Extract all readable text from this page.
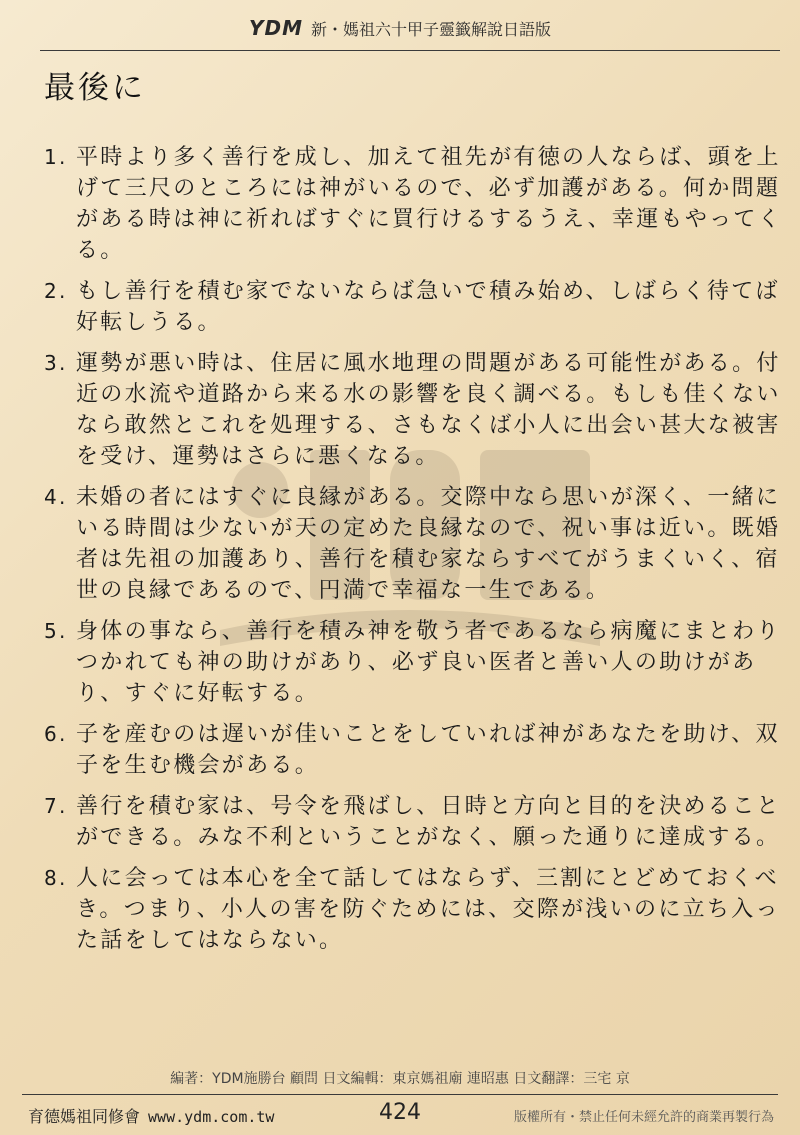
YDM 新・媽祖六十甲子靈籤解說日語版
最後に
1. 平時より多く善行を成し、加えて祖先が有徳の人ならば、頭を上げて三尺のところには神がいるので、必ず加護がある。何か問題がある時は神に祈ればすぐに買行けるするうえ、幸運もやってくる。
2. もし善行を積む家でないならば急いで積み始め、しばらく待てば好転しうる。
3. 運勢が悪い時は、住居に風水地理の問題がある可能性がある。付近の水流や道路から来る水の影響を良く調べる。もしも佳くないなら敢然とこれを処理する、さもなくば小人に出会い甚大な被害を受け、運勢はさらに悪くなる。
4. 未婚の者にはすぐに良縁がある。交際中なら思いが深く、一緒にいる時間は少ないが天の定めた良縁なので、祝い事は近い。既婚者は先祖の加護あり、善行を積む家ならすべてがうまくいく、宿世の良縁であるので、円満で幸福な一生である。
5. 身体の事なら、善行を積み神を敬う者であるなら病魔にまとわりつかれても神の助けがあり、必ず良い医者と善い人の助けがあり、すぐに好転する。
6. 子を産むのは遅いが佳いことをしていれば神があなたを助け、双子を生む機会がある。
7. 善行を積む家は、号令を飛ばし、日時と方向と目的を決めることができる。みな不利ということがなく、願った通りに達成する。
8. 人に会っては本心を全て話してはならず、三割にとどめておくべき。つまり、小人の害を防ぐためには、交際が浅いのに立ち入った話をしてはならない。
編著：YDM施勝台 顧問 日文編輯：東京媽祖廟 連昭惠 日文翻譯：三宅 京
育德媽祖同修會 www.ydm.com.tw	424	版權所有・禁止任何未經允許的商業再製行為
